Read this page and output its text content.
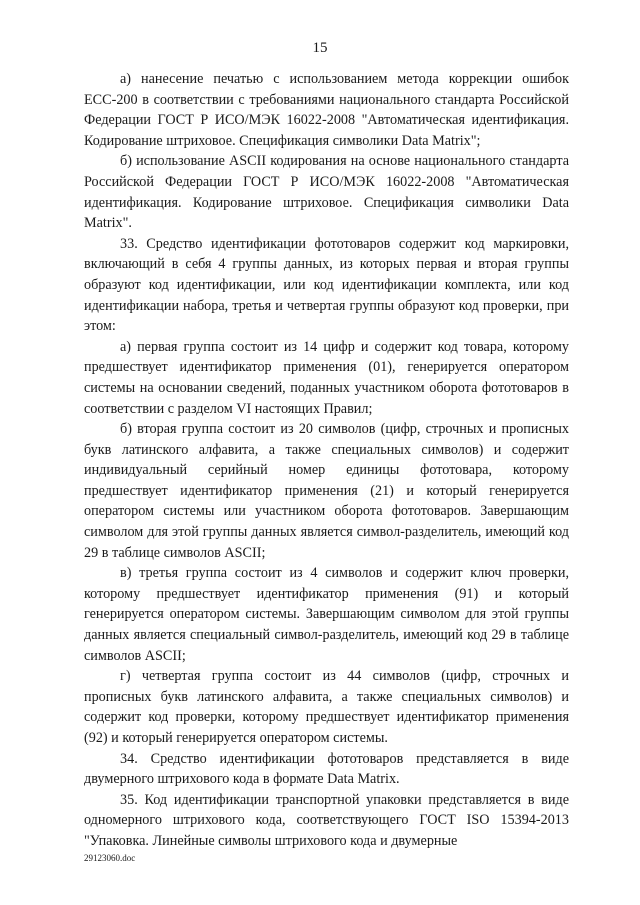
15

а) нанесение печатью с использованием метода коррекции ошибок ЕСС-200 в соответствии с требованиями национального стандарта Российской Федерации ГОСТ Р ИСО/МЭК 16022-2008 "Автоматическая идентификация. Кодирование штриховое. Спецификация символики Data Matrix";

б) использование ASCII кодирования на основе национального стандарта Российской Федерации ГОСТ Р ИСО/МЭК 16022-2008 "Автоматическая идентификация. Кодирование штриховое. Спецификация символики Data Matrix".

33. Средство идентификации фототоваров содержит код маркировки, включающий в себя 4 группы данных, из которых первая и вторая группы образуют код идентификации, или код идентификации комплекта, или код идентификации набора, третья и четвертая группы образуют код проверки, при этом:

а) первая группа состоит из 14 цифр и содержит код товара, которому предшествует идентификатор применения (01), генерируется оператором системы на основании сведений, поданных участником оборота фототоваров в соответствии с разделом VI настоящих Правил;

б) вторая группа состоит из 20 символов (цифр, строчных и прописных букв латинского алфавита, а также специальных символов) и содержит индивидуальный серийный номер единицы фототовара, которому предшествует идентификатор применения (21) и который генерируется оператором системы или участником оборота фототоваров. Завершающим символом для этой группы данных является символ-разделитель, имеющий код 29 в таблице символов ASCII;

в) третья группа состоит из 4 символов и содержит ключ проверки, которому предшествует идентификатор применения (91) и который генерируется оператором системы. Завершающим символом для этой группы данных является специальный символ-разделитель, имеющий код 29 в таблице символов ASCII;

г) четвертая группа состоит из 44 символов (цифр, строчных и прописных букв латинского алфавита, а также специальных символов) и содержит код проверки, которому предшествует идентификатор применения (92) и который генерируется оператором системы.

34. Средство идентификации фототоваров представляется в виде двумерного штрихового кода в формате Data Matrix.

35. Код идентификации транспортной упаковки представляется в виде одномерного штрихового кода, соответствующего ГОСТ ISO 15394-2013 "Упаковка. Линейные символы штрихового кода и двумерные

29123060.doc
